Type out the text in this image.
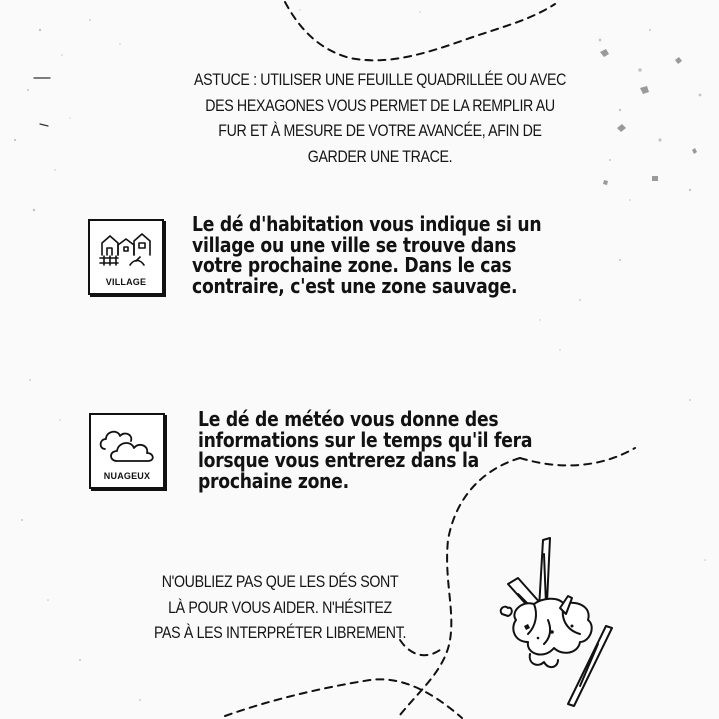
ASTUCE : UTILISER UNE FEUILLE QUADRILLÉE OU AVEC
DES HEXAGONES VOUS PERMET DE LA REMPLIR AU
FUR ET À MESURE DE VOTRE AVANCÉE, AFIN DE
GARDER UNE TRACE.
VILLAGE
Le dé d'habitation vous indique si un
village ou une ville se trouve dans
votre prochaine zone. Dans le cas
contraire, c'est une zone sauvage.
NUAGEUX
Le dé de météo vous donne des
informations sur le temps qu'il fera
lorsque vous entrerez dans la
prochaine zone.
N'OUBLIEZ PAS QUE LES DÉS SONT
LÀ POUR VOUS AIDER. N'HÉSITEZ
PAS À LES INTERPRÉTER LIBREMENT.
